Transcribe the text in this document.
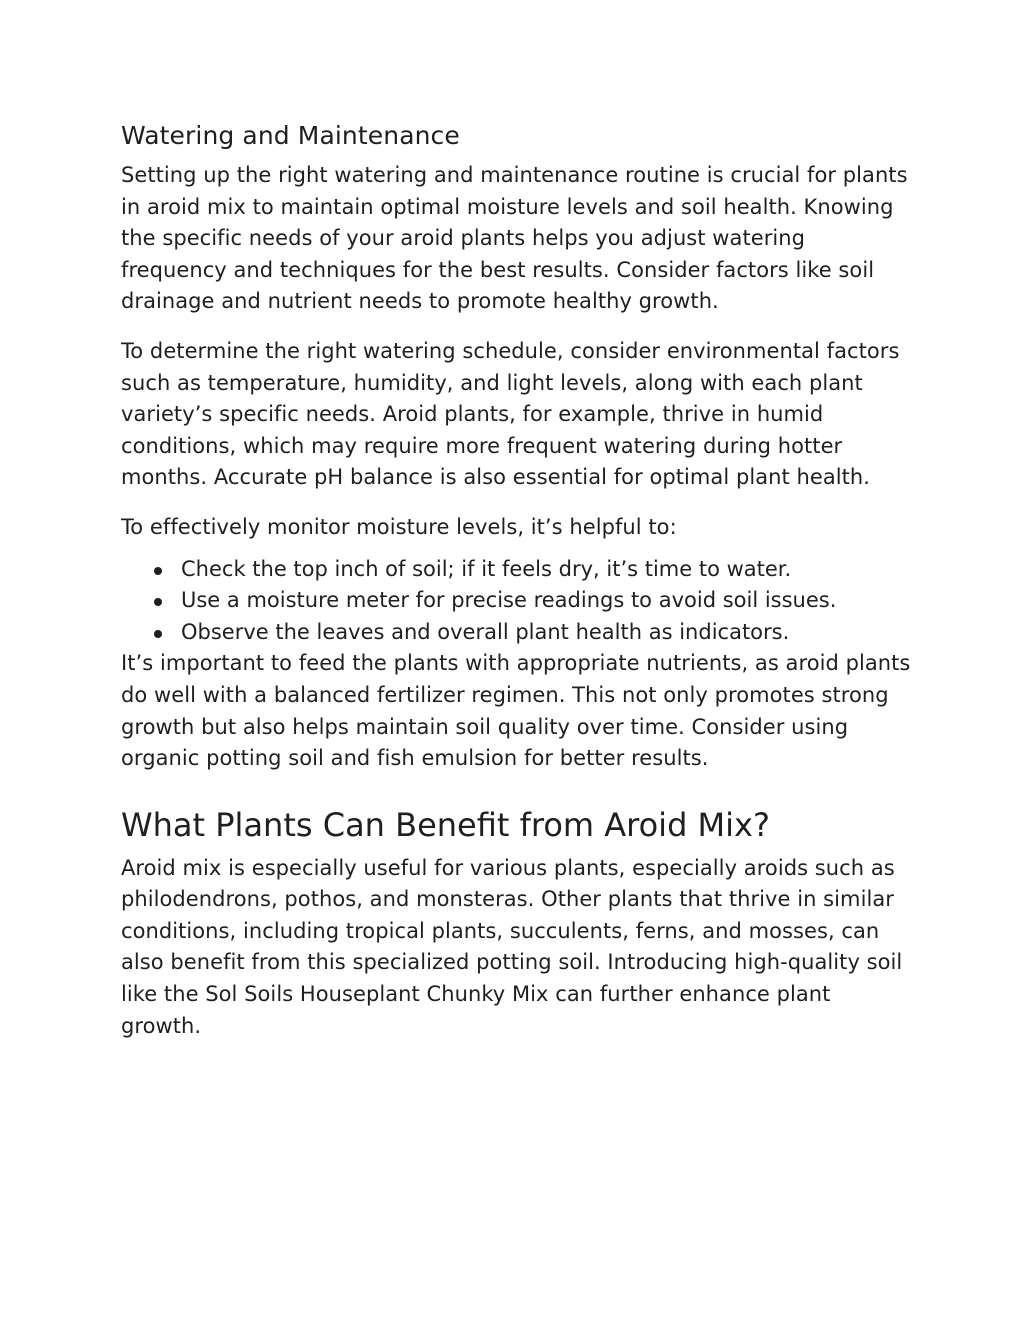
Watering and Maintenance

Setting up the right watering and maintenance routine is crucial for plants in aroid mix to maintain optimal moisture levels and soil health. Knowing the specific needs of your aroid plants helps you adjust watering frequency and techniques for the best results. Consider factors like soil drainage and nutrient needs to promote healthy growth.

To determine the right watering schedule, consider environmental factors such as temperature, humidity, and light levels, along with each plant variety’s specific needs. Aroid plants, for example, thrive in humid conditions, which may require more frequent watering during hotter months. Accurate pH balance is also essential for optimal plant health.

To effectively monitor moisture levels, it’s helpful to:

Check the top inch of soil; if it feels dry, it’s time to water.
Use a moisture meter for precise readings to avoid soil issues.
Observe the leaves and overall plant health as indicators.

It’s important to feed the plants with appropriate nutrients, as aroid plants do well with a balanced fertilizer regimen. This not only promotes strong growth but also helps maintain soil quality over time. Consider using organic potting soil and fish emulsion for better results.

What Plants Can Benefit from Aroid Mix?

Aroid mix is especially useful for various plants, especially aroids such as philodendrons, pothos, and monsteras. Other plants that thrive in similar conditions, including tropical plants, succulents, ferns, and mosses, can also benefit from this specialized potting soil. Introducing high-quality soil like the Sol Soils Houseplant Chunky Mix can further enhance plant growth.
